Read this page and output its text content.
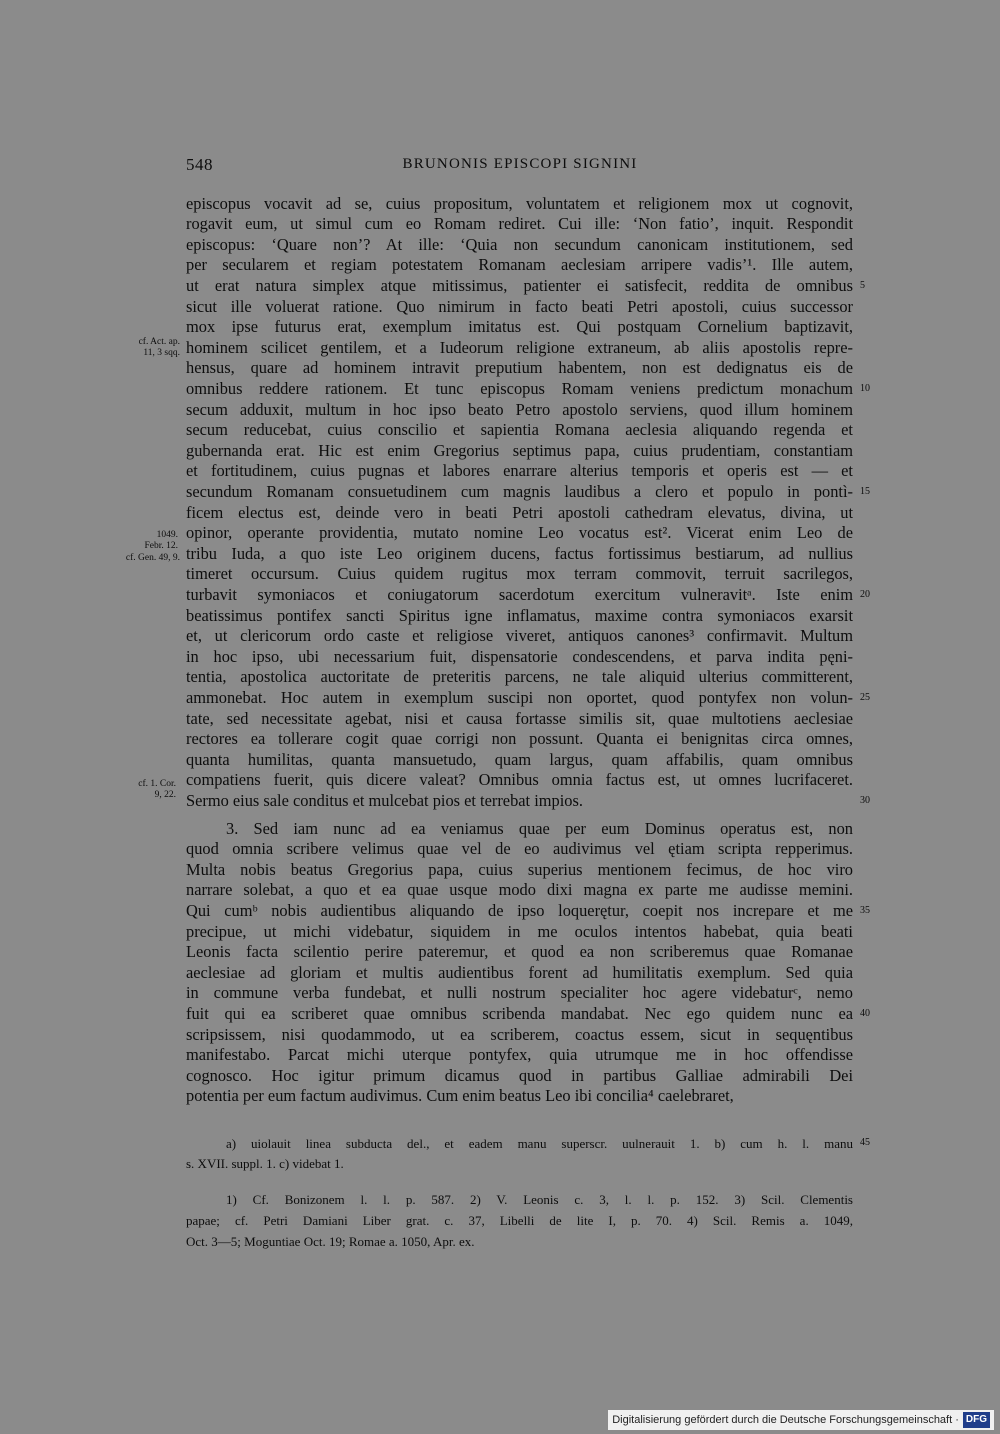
548	BRUNONIS EPISCOPI SIGNINI
episcopus vocavit ad se, cuius propositum, voluntatem et religionem mox ut cognovit,
rogavit eum, ut simul cum eo Romam rediret. Cui ille: ‘Non fatio’, inquit. Respondit
episcopus: ‘Quare non’? At ille: ‘Quia non secundum canonicam institutionem, sed
per secularem et regiam potestatem Romanam aeclesiam arripere vadis’¹. Ille autem,
ut erat natura simplex atque mitissimus, patienter ei satisfecit, reddita de omnibus
sicut ille voluerat ratione. Quo nimirum in facto beati Petri apostoli, cuius successor
mox ipse futurus erat, exemplum imitatus est. Qui postquam Cornelium baptizavit,
hominem scilicet gentilem, et a Iudeorum religione extraneum, ab aliis apostolis repre-
hensus, quare ad hominem intravit preputium habentem, non est dedignatus eis de
omnibus reddere rationem. Et tunc episcopus Romam veniens predictum monachum
secum adduxit, multum in hoc ipso beato Petro apostolo serviens, quod illum hominem
secum reducebat, cuius conscilio et sapientia Romana aeclesia aliquando regenda et
gubernanda erat. Hic est enim Gregorius septimus papa, cuius prudentiam, constantiam
et fortitudinem, cuius pugnas et labores enarrare alterius temporis et operis est — et
secundum Romanam consuetudinem cum magnis laudibus a clero et populo in pontì-
ficem electus est, deinde vero in beati Petri apostoli cathedram elevatus, divina, ut
opinor, operante providentia, mutato nomine Leo vocatus est². Vicerat enim Leo de
tribu Iuda, a quo iste Leo originem ducens, factus fortissimus bestiarum, ad nullius
timeret occursum. Cuius quidem rugitus mox terram commovit, terruit sacrilegos,
turbavit symoniacos et coniugatorum sacerdotum exercitum vulneravitᵃ. Iste enim
beatissimus pontifex sancti Spiritus igne inflamatus, maxime contra symoniacos exarsit
et, ut clericorum ordo caste et religiose viveret, antiquos canones³ confirmavit. Multum
in hoc ipso, ubi necessarium fuit, dispensatorie condescendens, et parva indita pęni-
tentia, apostolica auctoritate de preteritis parcens, ne tale aliquid ulterius committerent,
ammonebat. Hoc autem in exemplum suscipi non oportet, quod pontyfex non volun-
tate, sed necessitate agebat, nisi et causa fortasse similis sit, quae multotiens aeclesiae
rectores ea tollerare cogit quae corrigi non possunt. Quanta ei benignitas circa omnes,
quanta humilitas, quanta mansuetudo, quam largus, quam affabilis, quam omnibus
compatiens fuerit, quis dicere valeat? Omnibus omnia factus est, ut omnes lucrifaceret.
Sermo eius sale conditus et mulcebat pios et terrebat impios.
3. Sed iam nunc ad ea veniamus quae per eum Dominus operatus est, non
quod omnia scribere velimus quae vel de eo audivimus vel ętiam scripta repperimus.
Multa nobis beatus Gregorius papa, cuius superius mentionem fecimus, de hoc viro
narrare solebat, a quo et ea quae usque modo dixi magna ex parte me audisse memini.
Qui cumᵇ nobis audientibus aliquando de ipso loquerętur, coepit nos increpare et me
precipue, ut michi videbatur, siquidem in me oculos intentos habebat, quia beati
Leonis facta scilentio perire pateremur, et quod ea non scriberemus quae Romanae
aeclesiae ad gloriam et multis audientibus forent ad humilitatis exemplum. Sed quia
in commune verba fundebat, et nulli nostrum specialiter hoc agere videbaturᶜ, nemo
fuit qui ea scriberet quae omnibus scribenda mandabat. Nec ego quidem nunc ea
scripsissem, nisi quodammodo, ut ea scriberem, coactus essem, sicut in sequęntibus
manifestabo. Parcat michi uterque pontyfex, quia utrumque me in hoc offendisse
cognosco. Hoc igitur primum dicamus quod in partibus Galliae admirabili Dei
potentia per eum factum audivimus. Cum enim beatus Leo ibi concilia⁴ caelebraret,
5
10
15
20
25
30
35
40
45
cf. Act. ap.
11, 3 sqq.
1049.
Febr. 12.
cf. Gen. 49, 9.
cf. 1. Cor.
9, 22.
a) uiolauit linea subducta del., et eadem manu superscr. uulnerauit 1. b) cum h. l. manu
s. XVII. suppl. 1. c) videbat 1.
1) Cf. Bonizonem l. l. p. 587. 2) V. Leonis c. 3, l. l. p. 152. 3) Scil. Clementis
papae; cf. Petri Damiani Liber grat. c. 37, Libelli de lite I, p. 70. 4) Scil. Remis a. 1049,
Oct. 3—5; Moguntiae Oct. 19; Romae a. 1050, Apr. ex.
Digitalisierung gefördert durch die Deutsche Forschungsgemeinschaft · DFG
